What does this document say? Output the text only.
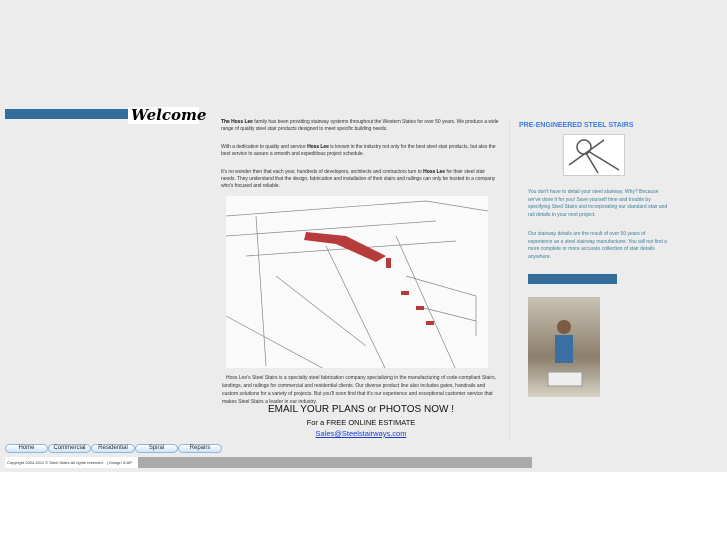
Welcome	The Hoss Lee family has been providing stairway systems throughout the Western States for over 50 years. We produce a wide range of quality steel stair products designed to meet specific building needs.

With a dedication to quality and service Hoss Lee is known in the industry not only for the best steel stair products, but also the best service to assure a smooth and expeditious project schedule.

It's no wonder then that each year, hundreds of developers, architects and contractors turn to Hoss Lee for their steel stair needs. They understand that the design, fabrication and installation of their stairs and railings can only be trusted to a company who's focused and reliable.

Hoss Lee's Steel Stairs is a specialty steel fabrication company specializing in the manufacturing of code-compliant Stairs, landings, and railings for commercial and residential clients. Our diverse product line also includes gates, handrails and custom solutions for a variety of projects. But you'll soon find that it's our experience and exceptional customer service that makes Steel Stairs a leader in our industry.
EMAIL YOUR PLANS or PHOTOS NOW !
For a FREE ONLINE ESTIMATE
Sales@Steelstairways.com
PRE-ENGINEERED STEEL STAIRS
You don't have to detail your steel stairway. Why? Because we've done it for you! Save yourself time and trouble by specifying Steel Stairs and incorporating our standard stair and rail details in your next project.
Our stairway details are the result of over 50 years of experience as a steel stairway manufacturer. You will not find a more complete or more accurate collection of stair details anywhere.
Home	Commercial	Residential	Spiral	Repairs
Copyright 2004-2011 © Steel Stairs All rights reserved.   | Design ICAP
